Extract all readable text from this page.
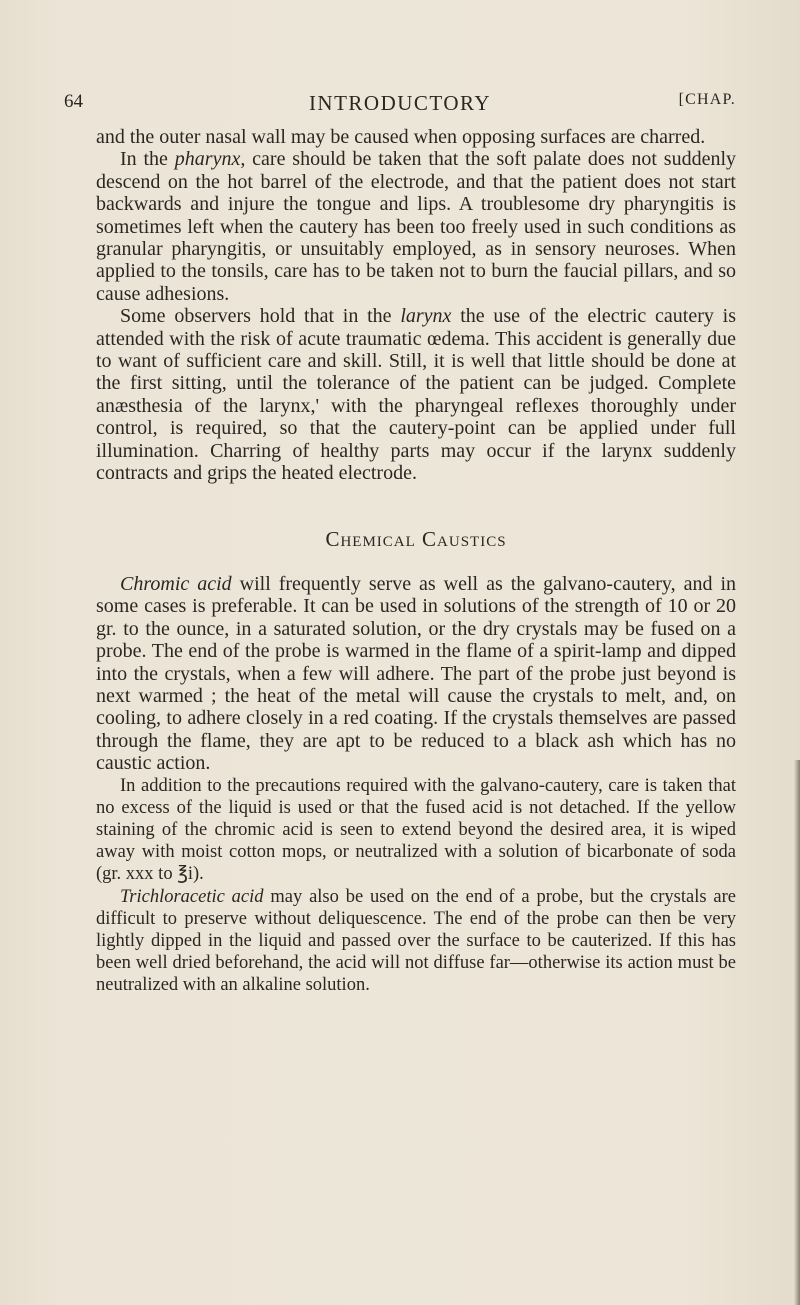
64	INTRODUCTORY	[CHAP.

and the outer nasal wall may be caused when opposing surfaces are charred.

In the pharynx, care should be taken that the soft palate does not suddenly descend on the hot barrel of the electrode, and that the patient does not start backwards and injure the tongue and lips. A troublesome dry pharyngitis is sometimes left when the cautery has been too freely used in such conditions as granular pharyngitis, or unsuitably employed, as in sensory neuroses. When applied to the tonsils, care has to be taken not to burn the faucial pillars, and so cause adhesions.

Some observers hold that in the larynx the use of the electric cautery is attended with the risk of acute traumatic œdema. This accident is generally due to want of sufficient care and skill. Still, it is well that little should be done at the first sitting, until the tolerance of the patient can be judged. Complete anæsthesia of the larynx,' with the pharyngeal reflexes thoroughly under control, is required, so that the cautery-point can be applied under full illumination. Charring of healthy parts may occur if the larynx suddenly contracts and grips the heated electrode.

Chemical Caustics

Chromic acid will frequently serve as well as the galvano-cautery, and in some cases is preferable. It can be used in solutions of the strength of 10 or 20 gr. to the ounce, in a saturated solution, or the dry crystals may be fused on a probe. The end of the probe is warmed in the flame of a spirit-lamp and dipped into the crystals, when a few will adhere. The part of the probe just beyond is next warmed ; the heat of the metal will cause the crystals to melt, and, on cooling, to adhere closely in a red coating. If the crystals themselves are passed through the flame, they are apt to be reduced to a black ash which has no caustic action.

In addition to the precautions required with the galvano-cautery, care is taken that no excess of the liquid is used or that the fused acid is not detached. If the yellow staining of the chromic acid is seen to extend beyond the desired area, it is wiped away with moist cotton mops, or neutralized with a solution of bicarbonate of soda (gr. xxx to ℥i).

Trichloracetic acid may also be used on the end of a probe, but the crystals are difficult to preserve without deliquescence. The end of the probe can then be very lightly dipped in the liquid and passed over the surface to be cauterized. If this has been well dried beforehand, the acid will not diffuse far—otherwise its action must be neutralized with an alkaline solution.
